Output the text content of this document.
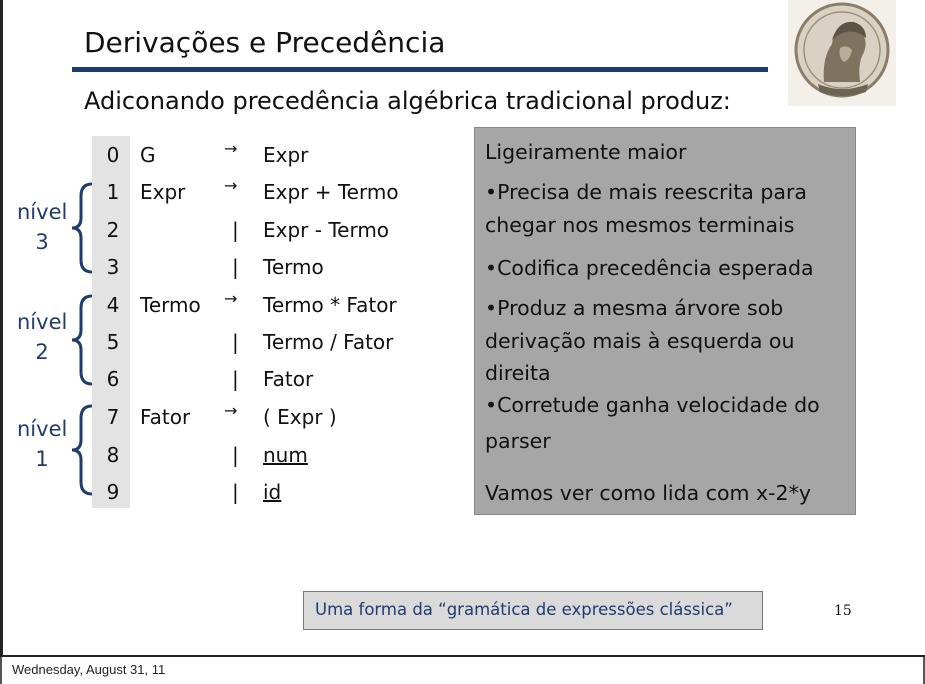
Derivações e Precedência
Adiconando precedência algébrica tradicional produz:
0 G	→ Expr
1 Expr → Expr + Termo
2	| Expr - Termo
3	| Termo
4 Termo → Termo * Fator
5	| Termo / Fator
6	| Fator
7 Fator → ( Expr )
8	| num
9	| id
nível
3
nível
2
nível
1

Ligeiramente maior

•Precisa de mais reescrita para

chegar nos mesmos terminais

•Codifica precedência esperada

•Produz a mesma árvore sob

derivação mais à esquerda ou

direita

•Corretude ganha velocidade do

parser

Vamos ver como lida com x-2*y

Uma forma da “gramática de expressões clássica”	15
Wednesday, August 31, 11
